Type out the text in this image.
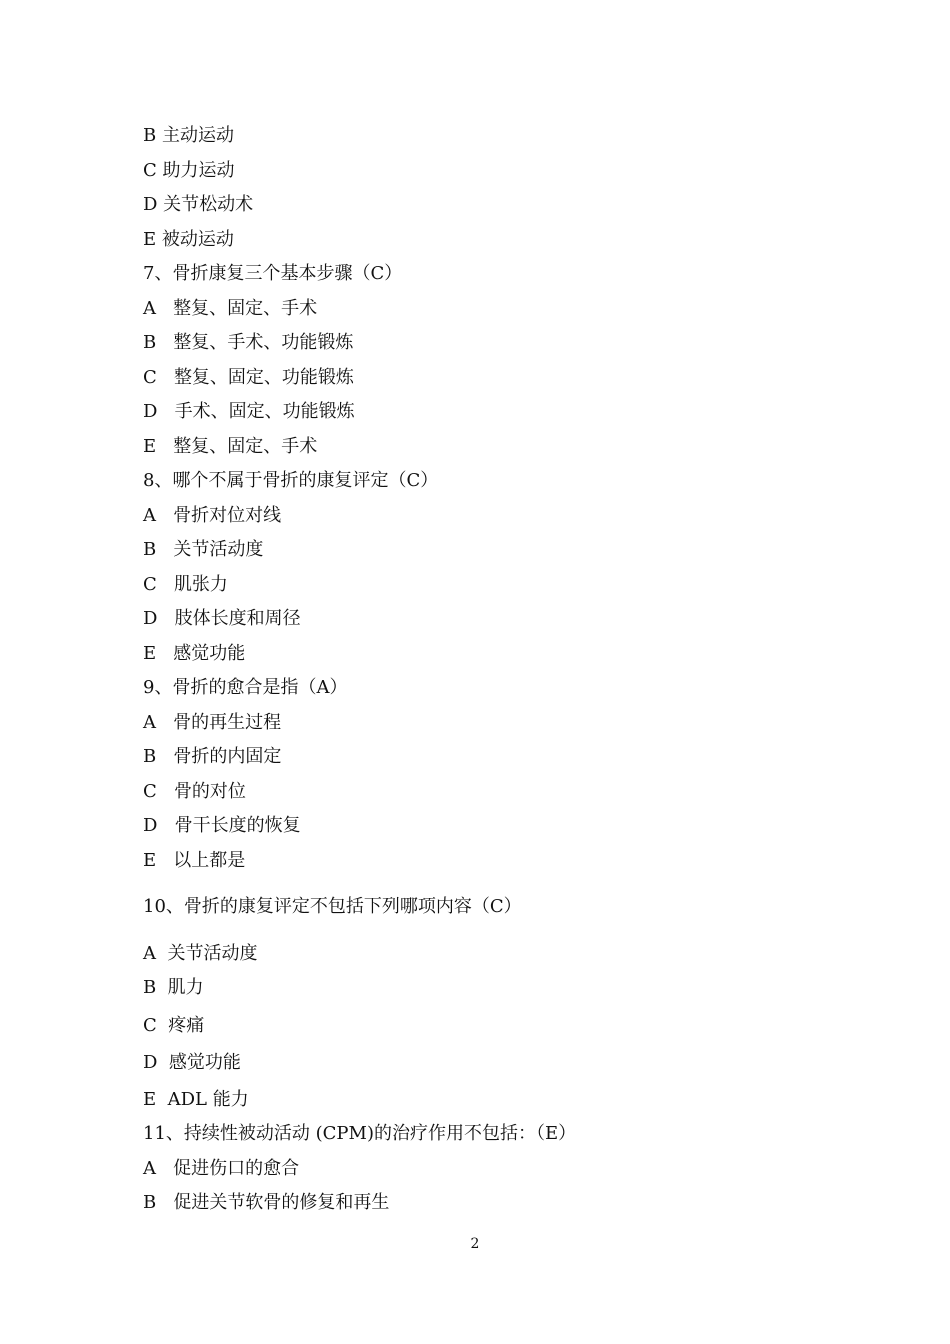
B 主动运动
C 助力运动
D 关节松动术
E 被动运动
7、骨折康复三个基本步骤（C）
A   整复、固定、手术
B   整复、手术、功能锻炼
C   整复、固定、功能锻炼
D   手术、固定、功能锻炼
E   整复、固定、手术
8、哪个不属于骨折的康复评定（C）
A   骨折对位对线
B   关节活动度
C   肌张力
D   肢体长度和周径
E   感觉功能
9、骨折的愈合是指（A）
A   骨的再生过程
B   骨折的内固定
C   骨的对位
D   骨干长度的恢复
E   以上都是
10、骨折的康复评定不包括下列哪项内容（C）
A  关节活动度
B  肌力
C  疼痛
D  感觉功能
E  ADL 能力
11、持续性被动活动 (CPM)的治疗作用不包括：（E）
A   促进伤口的愈合
B   促进关节软骨的修复和再生
2
